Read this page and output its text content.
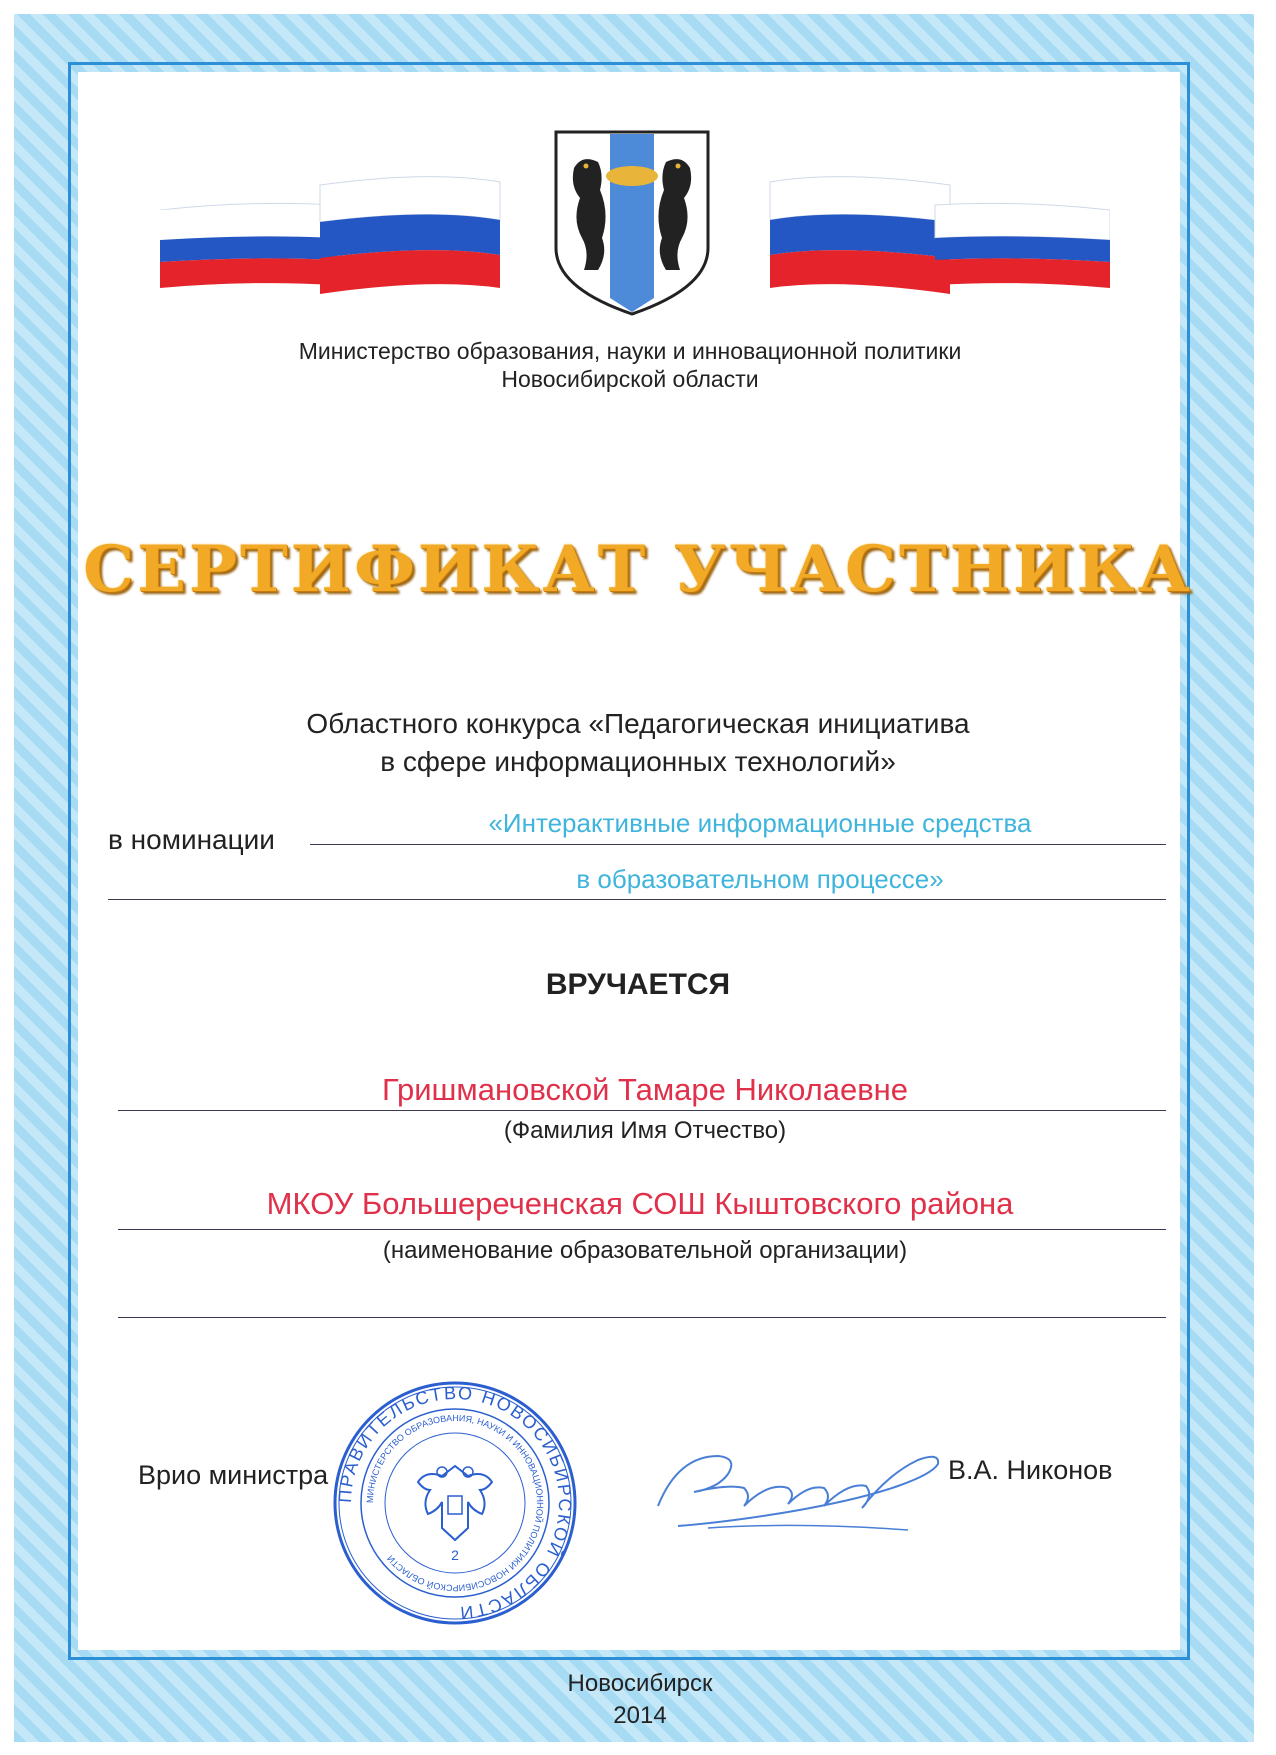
Министерство образования, науки и инновационной политики
Новосибирской области
СЕРТИФИКАТ УЧАСТНИКА
Областного конкурса «Педагогическая инициатива
в сфере информационных технологий»
в номинации
«Интерактивные информационные средства
в образовательном процессе»
ВРУЧАЕТСЯ
Гришмановской Тамаре Николаевне
(Фамилия Имя Отчество)
МКОУ Большереченская СОШ Кыштовского района
(наименование образовательной организации)
Врио министра
ПРАВИТЕЛЬСТВО НОВОСИБИРСКОЙ ОБЛАСТИ
МИНИСТЕРСТВО ОБРАЗОВАНИЯ, НАУКИ И ИННОВАЦИОННОЙ ПОЛИТИКИ НОВОСИБИРСКОЙ ОБЛАСТИ	2
В.А. Никонов
Новосибирск
2014
